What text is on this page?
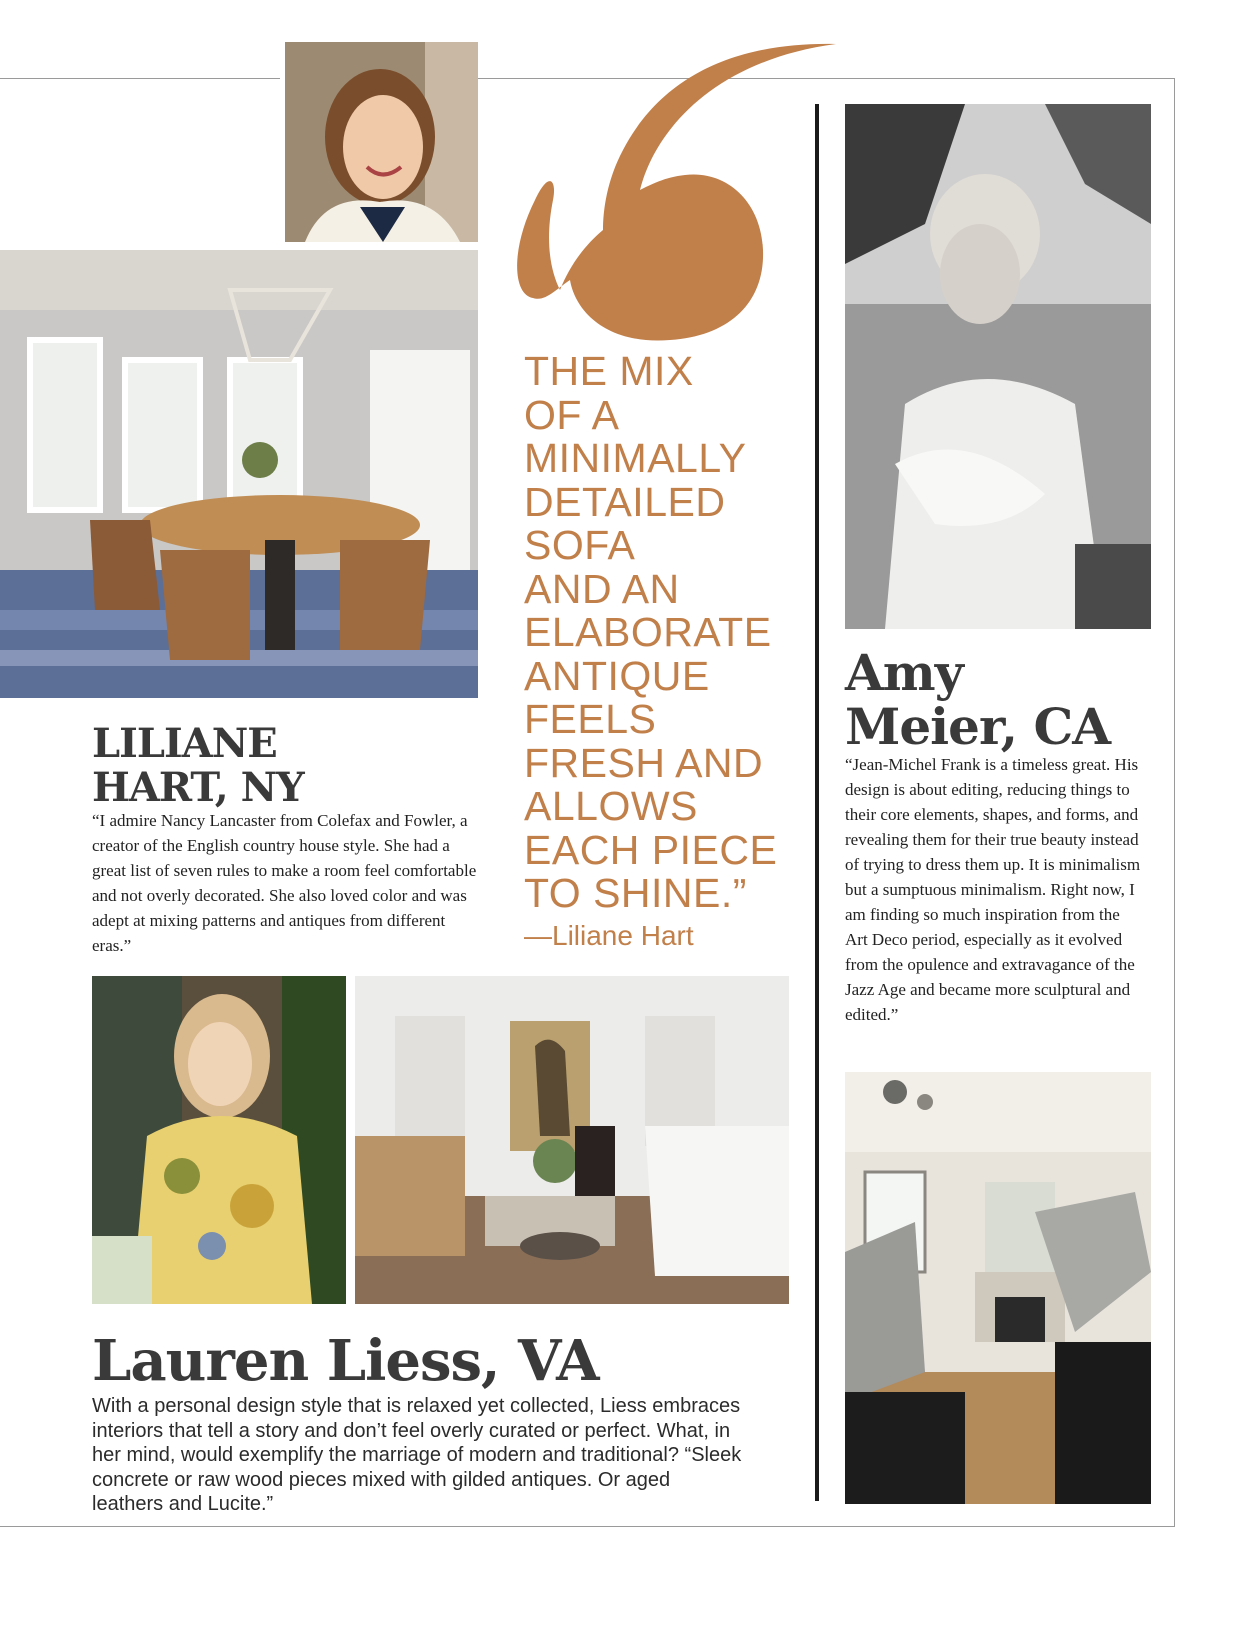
LILIANE
HART, NY
“I admire Nancy Lancaster from Colefax and Fowler, a creator of the English country house style. She had a great list of seven rules to make a room feel comfortable and not overly decorated. She also loved color and was adept at mixing patterns and antiques from different eras.”
THE MIX
OF A
MINIMALLY
DETAILED
SOFA
AND AN
ELABORATE
ANTIQUE
FEELS
FRESH AND
ALLOWS
EACH PIECE
TO SHINE.”
—Liliane Hart
Amy
Meier, CA
“Jean-Michel Frank is a timeless great. His design is about editing, reducing things to their core elements, shapes, and forms, and revealing them for their true beauty instead of trying to dress them up. It is minimalism but a sumptuous minimalism. Right now, I am finding so much inspiration from the Art Deco period, especially as it evolved from the opulence and extravagance of the Jazz Age and became more sculptural and edited.”
Lauren Liess, VA
With a personal design style that is relaxed yet collected, Liess embraces interiors that tell a story and don’t feel overly curated or perfect. What, in her mind, would exemplify the marriage of modern and traditional? “Sleek concrete or raw wood pieces mixed with gilded antiques. Or aged leathers and Lucite.”
